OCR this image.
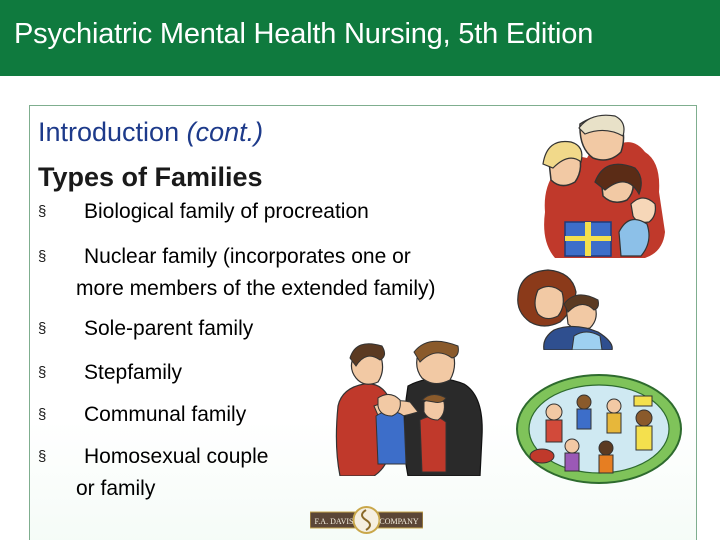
Psychiatric Mental Health Nursing, 5th Edition
Introduction (cont.)
Types of Families
§ Biological family of procreation
§ Nuclear family (incorporates one or
more members of the extended family)
§ Sole-parent family
§ Stepfamily
§ Communal family
§ Homosexual couple
or family
F.A. DAVIS	COMPANY
